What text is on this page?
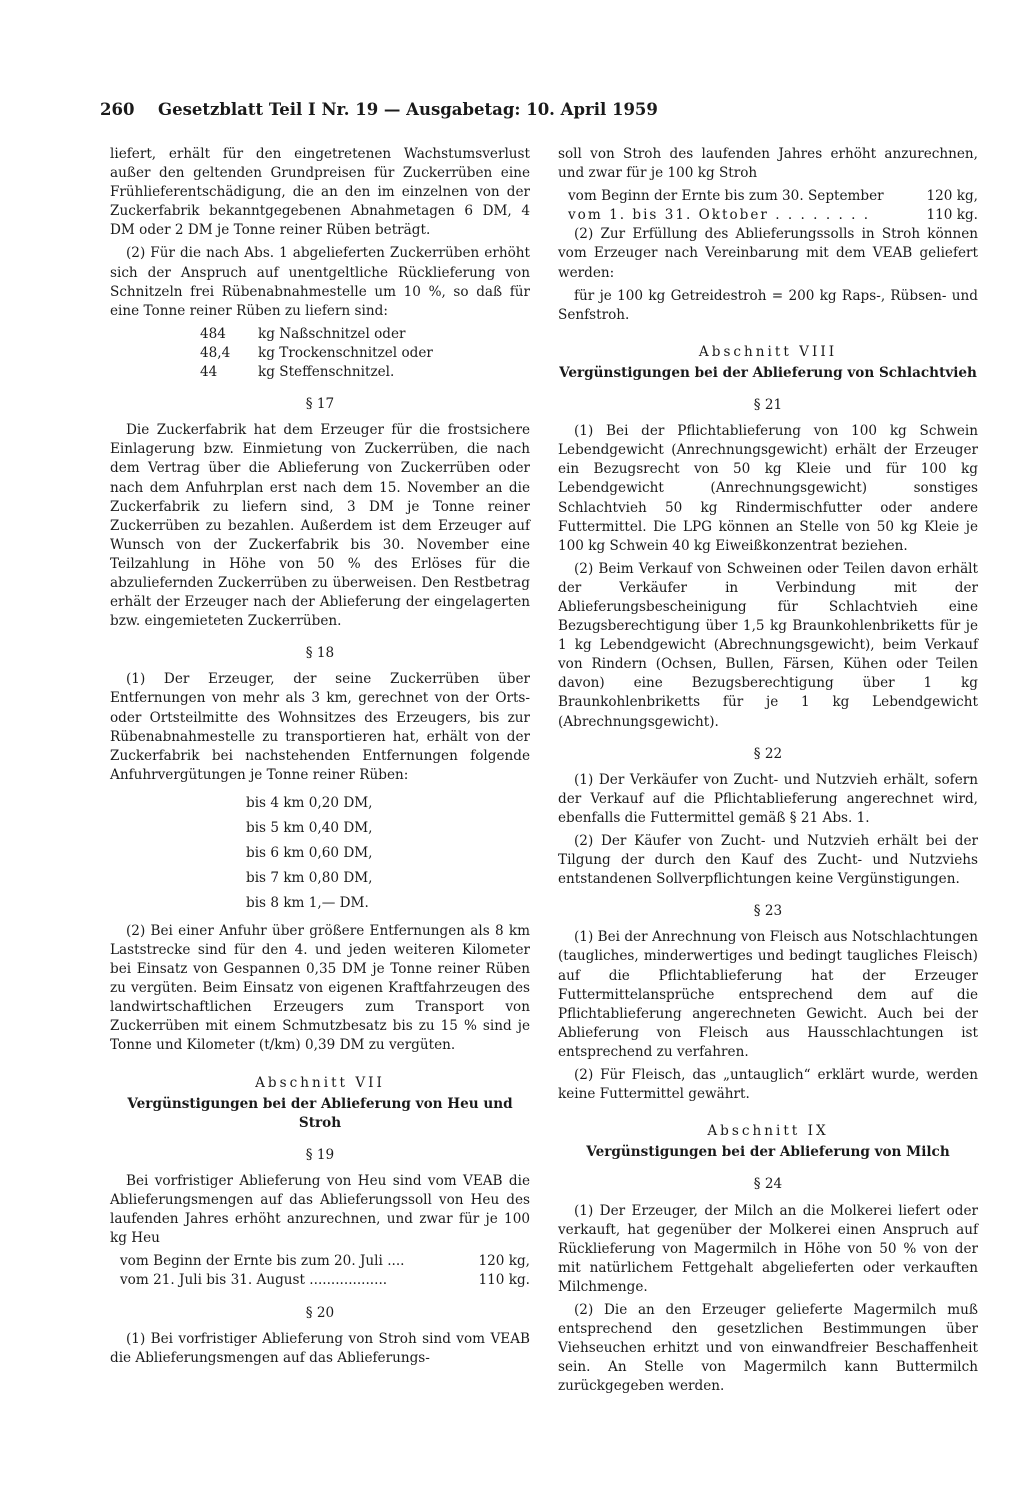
260 Gesetzblatt Teil I Nr. 19 — Ausgabetag: 10. April 1959

liefert, erhält für den eingetretenen Wachstumsverlust außer den geltenden Grundpreisen für Zuckerrüben eine Frühlieferentschädigung, die an den im einzelnen von der Zuckerfabrik bekanntgegebenen Abnahmetagen 6 DM, 4 DM oder 2 DM je Tonne reiner Rüben beträgt.

(2) Für die nach Abs. 1 abgelieferten Zuckerrüben erhöht sich der Anspruch auf unentgeltliche Rücklieferung von Schnitzeln frei Rübenabnahmestelle um 10 %, so daß für eine Tonne reiner Rüben zu liefern sind:

484	kg Naßschnitzel oder
48,4	kg Trockenschnitzel oder
44	kg Steffenschnitzel.
§ 17

Die Zuckerfabrik hat dem Erzeuger für die frostsichere Einlagerung bzw. Einmietung von Zuckerrüben, die nach dem Vertrag über die Ablieferung von Zuckerrüben oder nach dem Anfuhrplan erst nach dem 15. November an die Zuckerfabrik zu liefern sind, 3 DM je Tonne reiner Zuckerrüben zu bezahlen. Außerdem ist dem Erzeuger auf Wunsch von der Zuckerfabrik bis 30. November eine Teilzahlung in Höhe von 50 % des Erlöses für die abzuliefernden Zuckerrüben zu überweisen. Den Restbetrag erhält der Erzeuger nach der Ablieferung der eingelagerten bzw. eingemieteten Zuckerrüben.

§ 18

(1) Der Erzeuger, der seine Zuckerrüben über Entfernungen von mehr als 3 km, gerechnet von der Orts- oder Ortsteilmitte des Wohnsitzes des Erzeugers, bis zur Rübenabnahmestelle zu transportieren hat, erhält von der Zuckerfabrik bei nachstehenden Entfernungen folgende Anfuhrvergütungen je Tonne reiner Rüben:

bis 4 km 0,20 DM,
bis 5 km 0,40 DM,
bis 6 km 0,60 DM,
bis 7 km 0,80 DM,
bis 8 km 1,— DM.

(2) Bei einer Anfuhr über größere Entfernungen als 8 km Laststrecke sind für den 4. und jeden weiteren Kilometer bei Einsatz von Gespannen 0,35 DM je Tonne reiner Rüben zu vergüten. Beim Einsatz von eigenen Kraftfahrzeugen des landwirtschaftlichen Erzeugers zum Transport von Zuckerrüben mit einem Schmutzbesatz bis zu 15 % sind je Tonne und Kilometer (t/km) 0,39 DM zu vergüten.

Abschnitt VII
Vergünstigungen bei der Ablieferung von Heu und Stroh
§ 19

Bei vorfristiger Ablieferung von Heu sind vom VEAB die Ablieferungsmengen auf das Ablieferungssoll von Heu des laufenden Jahres erhöht anzurechnen, und zwar für je 100 kg Heu

vom Beginn der Ernte bis zum 20. Juli ....	120 kg,
vom 21. Juli bis 31. August ..................	110 kg.
§ 20

(1) Bei vorfristiger Ablieferung von Stroh sind vom VEAB die Ablieferungsmengen auf das Ablieferungs-

soll von Stroh des laufenden Jahres erhöht anzurechnen, und zwar für je 100 kg Stroh

vom Beginn der Ernte bis zum 30. September	120 kg,
vom 1. bis 31. Oktober . . . . . . . .	110 kg.

(2) Zur Erfüllung des Ablieferungssolls in Stroh können vom Erzeuger nach Vereinbarung mit dem VEAB geliefert werden:

für je 100 kg Getreidestroh = 200 kg Raps-, Rübsen- und Senfstroh.

Abschnitt VIII
Vergünstigungen bei der Ablieferung von Schlachtvieh
§ 21

(1) Bei der Pflichtablieferung von 100 kg Schwein Lebendgewicht (Anrechnungsgewicht) erhält der Erzeuger ein Bezugsrecht von 50 kg Kleie und für 100 kg Lebendgewicht (Anrechnungsgewicht) sonstiges Schlachtvieh 50 kg Rindermischfutter oder andere Futtermittel. Die LPG können an Stelle von 50 kg Kleie je 100 kg Schwein 40 kg Eiweißkonzentrat beziehen.

(2) Beim Verkauf von Schweinen oder Teilen davon erhält der Verkäufer in Verbindung mit der Ablieferungsbescheinigung für Schlachtvieh eine Bezugsberechtigung über 1,5 kg Braunkohlenbriketts für je 1 kg Lebendgewicht (Abrechnungsgewicht), beim Verkauf von Rindern (Ochsen, Bullen, Färsen, Kühen oder Teilen davon) eine Bezugsberechtigung über 1 kg Braunkohlenbriketts für je 1 kg Lebendgewicht (Abrechnungsgewicht).

§ 22

(1) Der Verkäufer von Zucht- und Nutzvieh erhält, sofern der Verkauf auf die Pflichtablieferung angerechnet wird, ebenfalls die Futtermittel gemäß § 21 Abs. 1.

(2) Der Käufer von Zucht- und Nutzvieh erhält bei der Tilgung der durch den Kauf des Zucht- und Nutzviehs entstandenen Sollverpflichtungen keine Vergünstigungen.

§ 23

(1) Bei der Anrechnung von Fleisch aus Notschlachtungen (taugliches, minderwertiges und bedingt taugliches Fleisch) auf die Pflichtablieferung hat der Erzeuger Futtermittelansprüche entsprechend dem auf die Pflichtablieferung angerechneten Gewicht. Auch bei der Ablieferung von Fleisch aus Hausschlachtungen ist entsprechend zu verfahren.

(2) Für Fleisch, das „untauglich“ erklärt wurde, werden keine Futtermittel gewährt.

Abschnitt IX
Vergünstigungen bei der Ablieferung von Milch
§ 24

(1) Der Erzeuger, der Milch an die Molkerei liefert oder verkauft, hat gegenüber der Molkerei einen Anspruch auf Rücklieferung von Magermilch in Höhe von 50 % von der mit natürlichem Fettgehalt abgelieferten oder verkauften Milchmenge.

(2) Die an den Erzeuger gelieferte Magermilch muß entsprechend den gesetzlichen Bestimmungen über Viehseuchen erhitzt und von einwandfreier Beschaffenheit sein. An Stelle von Magermilch kann Buttermilch zurückgegeben werden.
